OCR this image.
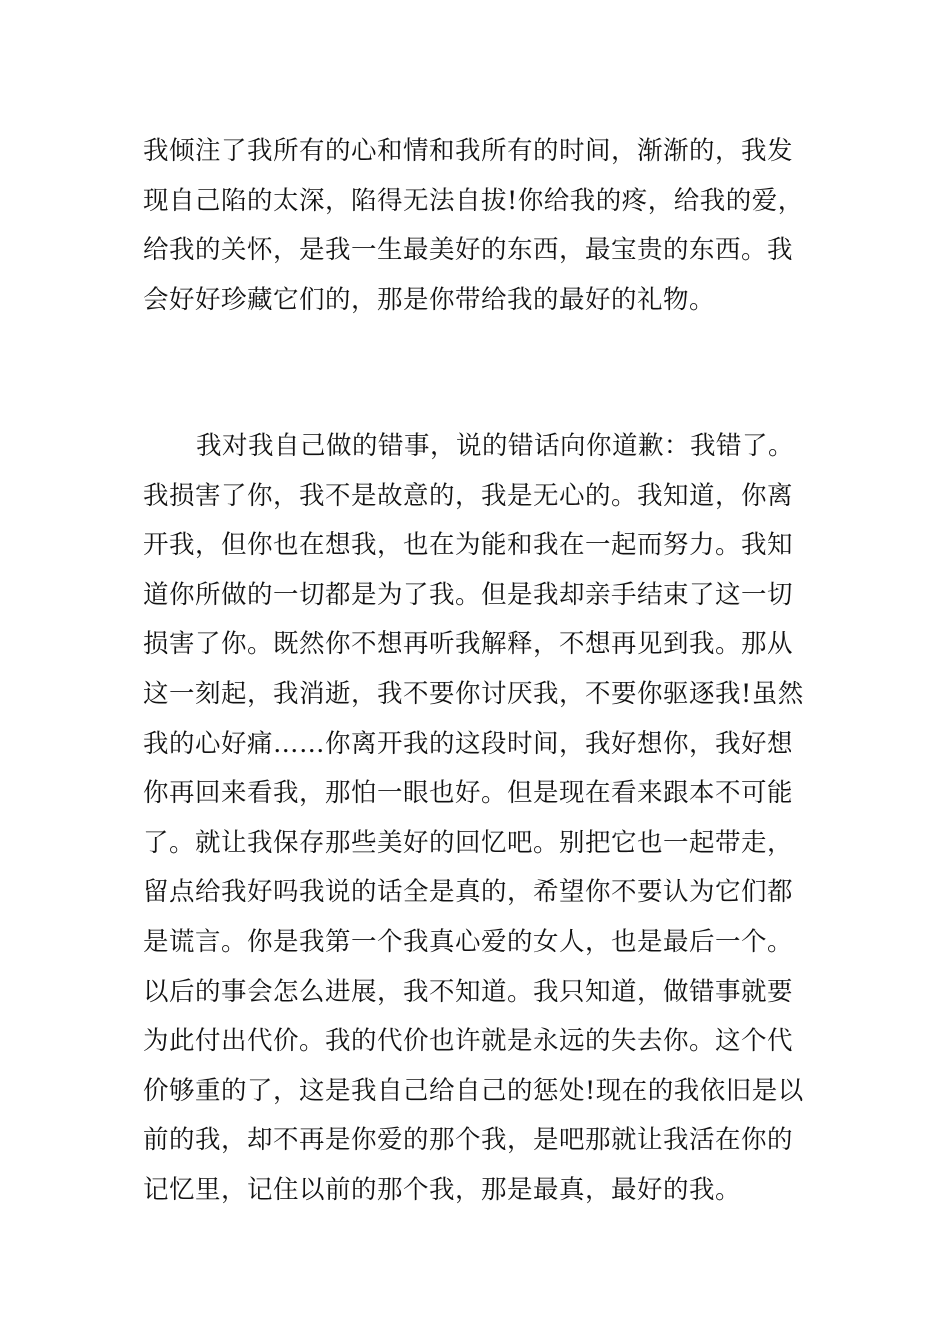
我倾注了我所有的心和情和我所有的时间，渐渐的，我发
现自己陷的太深，陷得无法自拔!你给我的疼，给我的爱，
给我的关怀，是我一生最美好的东西，最宝贵的东西。我
会好好珍藏它们的，那是你带给我的最好的礼物。

我对我自己做的错事，说的错话向你道歉：我错了。
我损害了你，我不是故意的，我是无心的。我知道，你离
开我，但你也在想我，也在为能和我在一起而努力。我知
道你所做的一切都是为了我。但是我却亲手结束了这一切
损害了你。既然你不想再听我解释，不想再见到我。那从
这一刻起，我消逝，我不要你讨厌我，不要你驱逐我!虽然
我的心好痛……你离开我的这段时间，我好想你，我好想
你再回来看我，那怕一眼也好。但是现在看来跟本不可能
了。就让我保存那些美好的回忆吧。别把它也一起带走，
留点给我好吗我说的话全是真的，希望你不要认为它们都
是谎言。你是我第一个我真心爱的女人，也是最后一个。
以后的事会怎么进展，我不知道。我只知道，做错事就要
为此付出代价。我的代价也许就是永远的失去你。这个代
价够重的了，这是我自己给自己的惩处!现在的我依旧是以
前的我，却不再是你爱的那个我，是吧那就让我活在你的
记忆里，记住以前的那个我，那是最真，最好的我。
